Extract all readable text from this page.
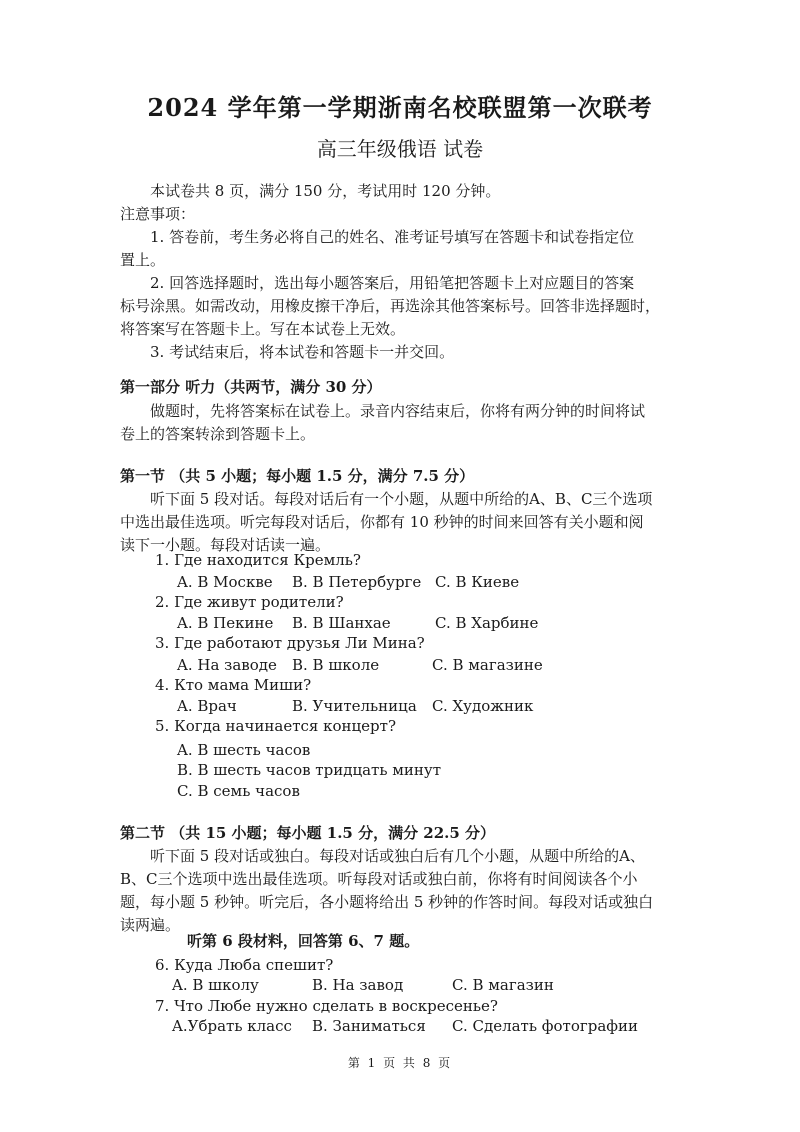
2024 学年第一学期浙南名校联盟第一次联考
高三年级俄语 试卷
本试卷共 8 页，满分 150 分，考试用时 120 分钟。
注意事项：
1. 答卷前，考生务必将自己的姓名、准考证号填写在答题卡和试卷指定位
置上。
2. 回答选择题时，选出每小题答案后，用铅笔把答题卡上对应题目的答案
标号涂黑。如需改动，用橡皮擦干净后，再选涂其他答案标号。回答非选择题时，
将答案写在答题卡上。写在本试卷上无效。
3. 考试结束后，将本试卷和答题卡一并交回。
第一部分 听力（共两节，满分 30 分）
做题时，先将答案标在试卷上。录音内容结束后，你将有两分钟的时间将试
卷上的答案转涂到答题卡上。
第一节 （共 5 小题；每小题 1.5 分，满分 7.5 分）
听下面 5 段对话。每段对话后有一个小题，从题中所给的A、B、C三个选项
中选出最佳选项。听完每段对话后，你都有 10 秒钟的时间来回答有关小题和阅
读下一小题。每段对话读一遍。
1. Где находится Кремль?
A. В Москве B. В Петербурге C. В Киеве
2. Где живут родители?
A. В Пекине B. В Шанхае	C. В Харбине
3. Где работают друзья Ли Мина?
A. На заводе B. В школе	C. В магазине
4. Кто мама Миши?
A. Врач	B. Учительница C. Художник
5. Когда начинается концерт?
A. В шесть часов
B. В шесть часов тридцать минут
C. В семь часов
第二节 （共 15 小题；每小题 1.5 分，满分 22.5 分）
听下面 5 段对话或独白。每段对话或独白后有几个小题，从题中所给的A、
B、C三个选项中选出最佳选项。听每段对话或独白前，你将有时间阅读各个小
题，每小题 5 秒钟。听完后，各小题将给出 5 秒钟的作答时间。每段对话或独白
读两遍。
听第 6 段材料，回答第 6、7 题。
6. Куда Люба спешит?
A. В школу	B. На завод	C. В магазин
7. Что Любе нужно сделать в воскресенье?
A.Убрать класс B. Заниматься C. Сделать фотографии
第 1 页 共 8 页
